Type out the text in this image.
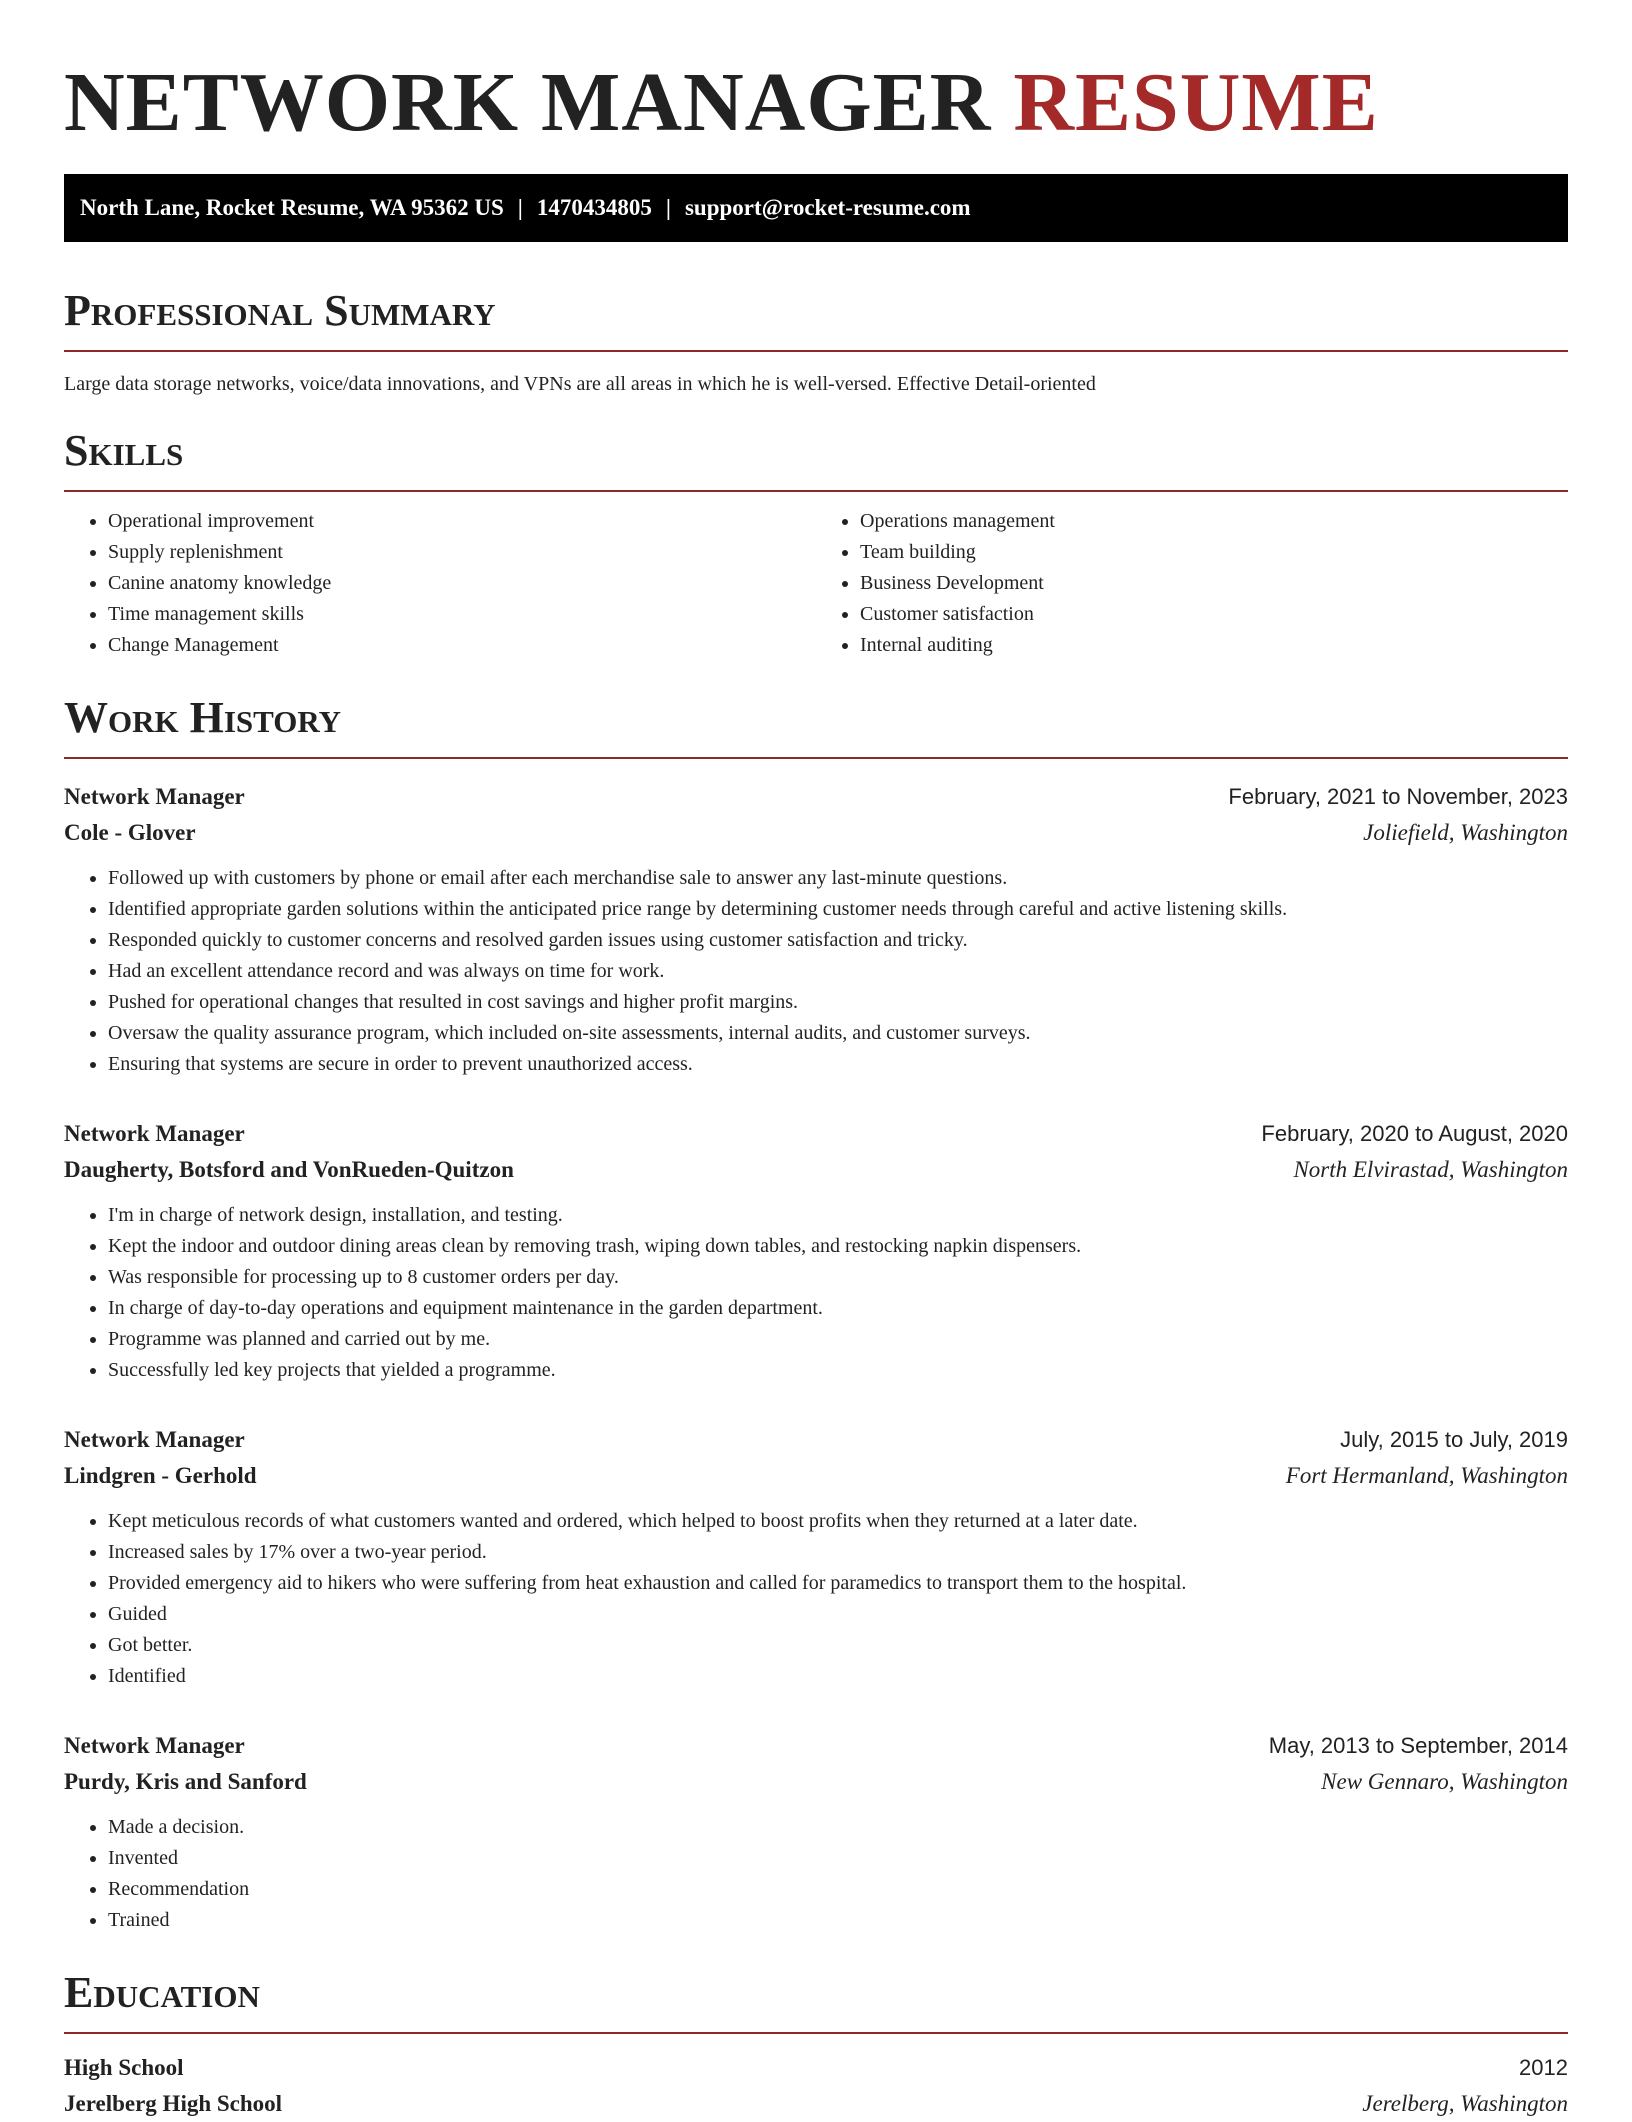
NETWORK MANAGER RESUME
North Lane, Rocket Resume, WA 95362 US | 1470434805 | support@rocket-resume.com
Professional Summary
Large data storage networks, voice/data innovations, and VPNs are all areas in which he is well-versed. Effective Detail-oriented
Skills
• Operational improvement
• Supply replenishment
• Canine anatomy knowledge
• Time management skills
• Change Management
• Operations management
• Team building
• Business Development
• Customer satisfaction
• Internal auditing
Work History
Network Manager	February, 2021 to November, 2023
Cole - Glover	Joliefield, Washington
• Followed up with customers by phone or email after each merchandise sale to answer any last-minute questions.
• Identified appropriate garden solutions within the anticipated price range by determining customer needs through careful and active listening skills.
• Responded quickly to customer concerns and resolved garden issues using customer satisfaction and tricky.
• Had an excellent attendance record and was always on time for work.
• Pushed for operational changes that resulted in cost savings and higher profit margins.
• Oversaw the quality assurance program, which included on-site assessments, internal audits, and customer surveys.
• Ensuring that systems are secure in order to prevent unauthorized access.
Network Manager	February, 2020 to August, 2020
Daugherty, Botsford and VonRueden-Quitzon	North Elvirastad, Washington
• I'm in charge of network design, installation, and testing.
• Kept the indoor and outdoor dining areas clean by removing trash, wiping down tables, and restocking napkin dispensers.
• Was responsible for processing up to 8 customer orders per day.
• In charge of day-to-day operations and equipment maintenance in the garden department.
• Programme was planned and carried out by me.
• Successfully led key projects that yielded a programme.
Network Manager	July, 2015 to July, 2019
Lindgren - Gerhold	Fort Hermanland, Washington
• Kept meticulous records of what customers wanted and ordered, which helped to boost profits when they returned at a later date.
• Increased sales by 17% over a two-year period.
• Provided emergency aid to hikers who were suffering from heat exhaustion and called for paramedics to transport them to the hospital.
• Guided
• Got better.
• Identified
Network Manager	May, 2013 to September, 2014
Purdy, Kris and Sanford	New Gennaro, Washington
• Made a decision.
• Invented
• Recommendation
• Trained
Education
High School	2012
Jerelberg High School	Jerelberg, Washington
